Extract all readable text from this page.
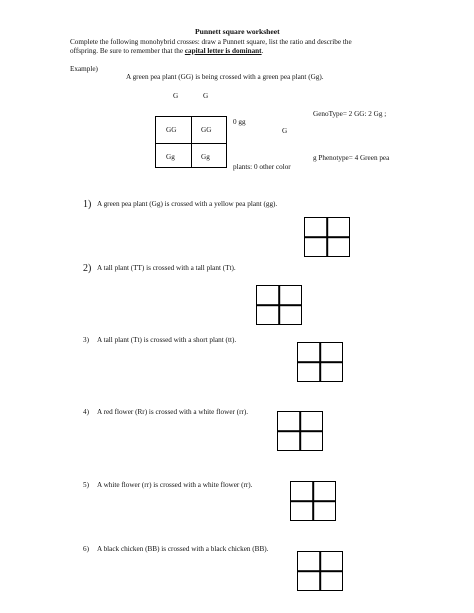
Punnett square worksheet
Complete the following monohybrid crosses: draw a Punnett square, list the ratio and describe the
offspring. Be sure to remember that the capital letter is dominant.
Example)
A green pea plant (GG) is being crossed with a green pea plant (Gg).
G	G
GG	GG
Gg	Gg
0 gg
G
GenoType= 2 GG: 2 Gg ;
g Phenotype= 4 Green pea
plants: 0 other color
1) A green pea plant (Gg) is crossed with a yellow pea plant (gg).
2) A tall plant (TT) is crossed with a tall plant (Tt).
3) A tall plant (Tt) is crossed with a short plant (tt).
4) A red flower (Rr) is crossed with a white flower (rr).
5) A white flower (rr) is crossed with a white flower (rr).
6) A black chicken (BB) is crossed with a black chicken (BB).
